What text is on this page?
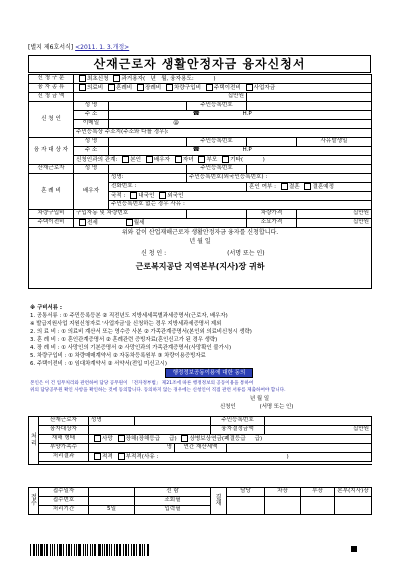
[별지 제6호서식] <2011. 1. 3.개정>
산재근로자 생활안정자금 융자신청서
신 청 구 분	최초신청 과거용자( 년 월, 융자용도: )				
융 자 종 류	의료비 혼례비 장례비 차량구입비 주택이전비 사업자금				
신 청 금 액	십만원				
신 청 인	성 명		주민등록번호		
	주 소	☎ H.P			
	이메일	@			
	주민등록상 주소지(주소와 다를 경우):				
융 자 대 상 자	성 명		주민등록번호		사유발생일
	주 소	☎ H.P			
	신청인과의 관계: 본인 배우자 자녀 부모 기타( )				
산재근로자	성 명		주민등록번호		
혼 례 비	배우자	성명:	주민등록번호(외국인등록번호) :		
		전화번호 :		혼인 여부 : 결혼 결혼예정	
		국적 : 내국인 외국인			
		주민등록번호 없는 경우 사유 :			
차량구입비	구입자동 및 차량번호			차량가격	십만원
주택이전비	전세 월세			소요가격	십만원

위와 같이 산업재해근로자 생활안정자금 융자를 신청합니다.
년 월 일
신 청 인 : (서명 또는 인)
근로복지공단 지역본부(지사)장 귀하					
※ 구비서류 :
1. 공통서류 : ① 주민등록등본 ② 직전년도 지방세세목별과세증명서(근로자, 배우자)
※ 발급지원사업 지원신청자로 '사업자금'을 신청하는 경우 지방세과세증명서 제외
2. 의 료 비 : ① 의료비 계산서 또는 영수증 사본 ② 가족관계증명서(본인외 의료비신청시 생략)
3. 혼 례 비 : ① 혼인관계증명서 ② 혼례관련 증빙자료(혼인신고가 된 경우 생략)
4. 장 례 비 : ① 사망인의 기본증명서 ② 사망인과의 가족관계증명서(사망확인 불가시)
5. 차량구입비 : ① 차량매매계약서 ② 자동차등록원부 ③ 차량이용증빙자료
6. 주택이전비 : ① 임대차계약서 ② 서약서(전입 미신고시)
행정정보공동이용에 대한 동의
본인은 이 건 업무처리와 관련하여 담당 공무원이 「전자정부법」 제21조에 따른 행정정보의 공동이용을 통하여
위의 담당공무원 확인 사항을 확인하는 것에 동의합니다. 동의하지 않는 경우에는 신청인이 직접 관련 서류를 제출하여야 합니다.
년 월 일
신청인	(서명 또는 인)
처 리	산재근로자	성명			주민등록번호		
	융자대상자				융자결정금액		십만원
	재해 형태	사망 장해(장해등급 급) 상병보상연금(폐결등급 급)					
	부양가족수	명		연간 재산세액			
	처리결과	적격 부적격(사유 : )					

접 수	접수일자		선 람	결 재	담당	차장	부장	본부(지사)장
	접수번호		조회필					
	처리기간	5일	입력필					
